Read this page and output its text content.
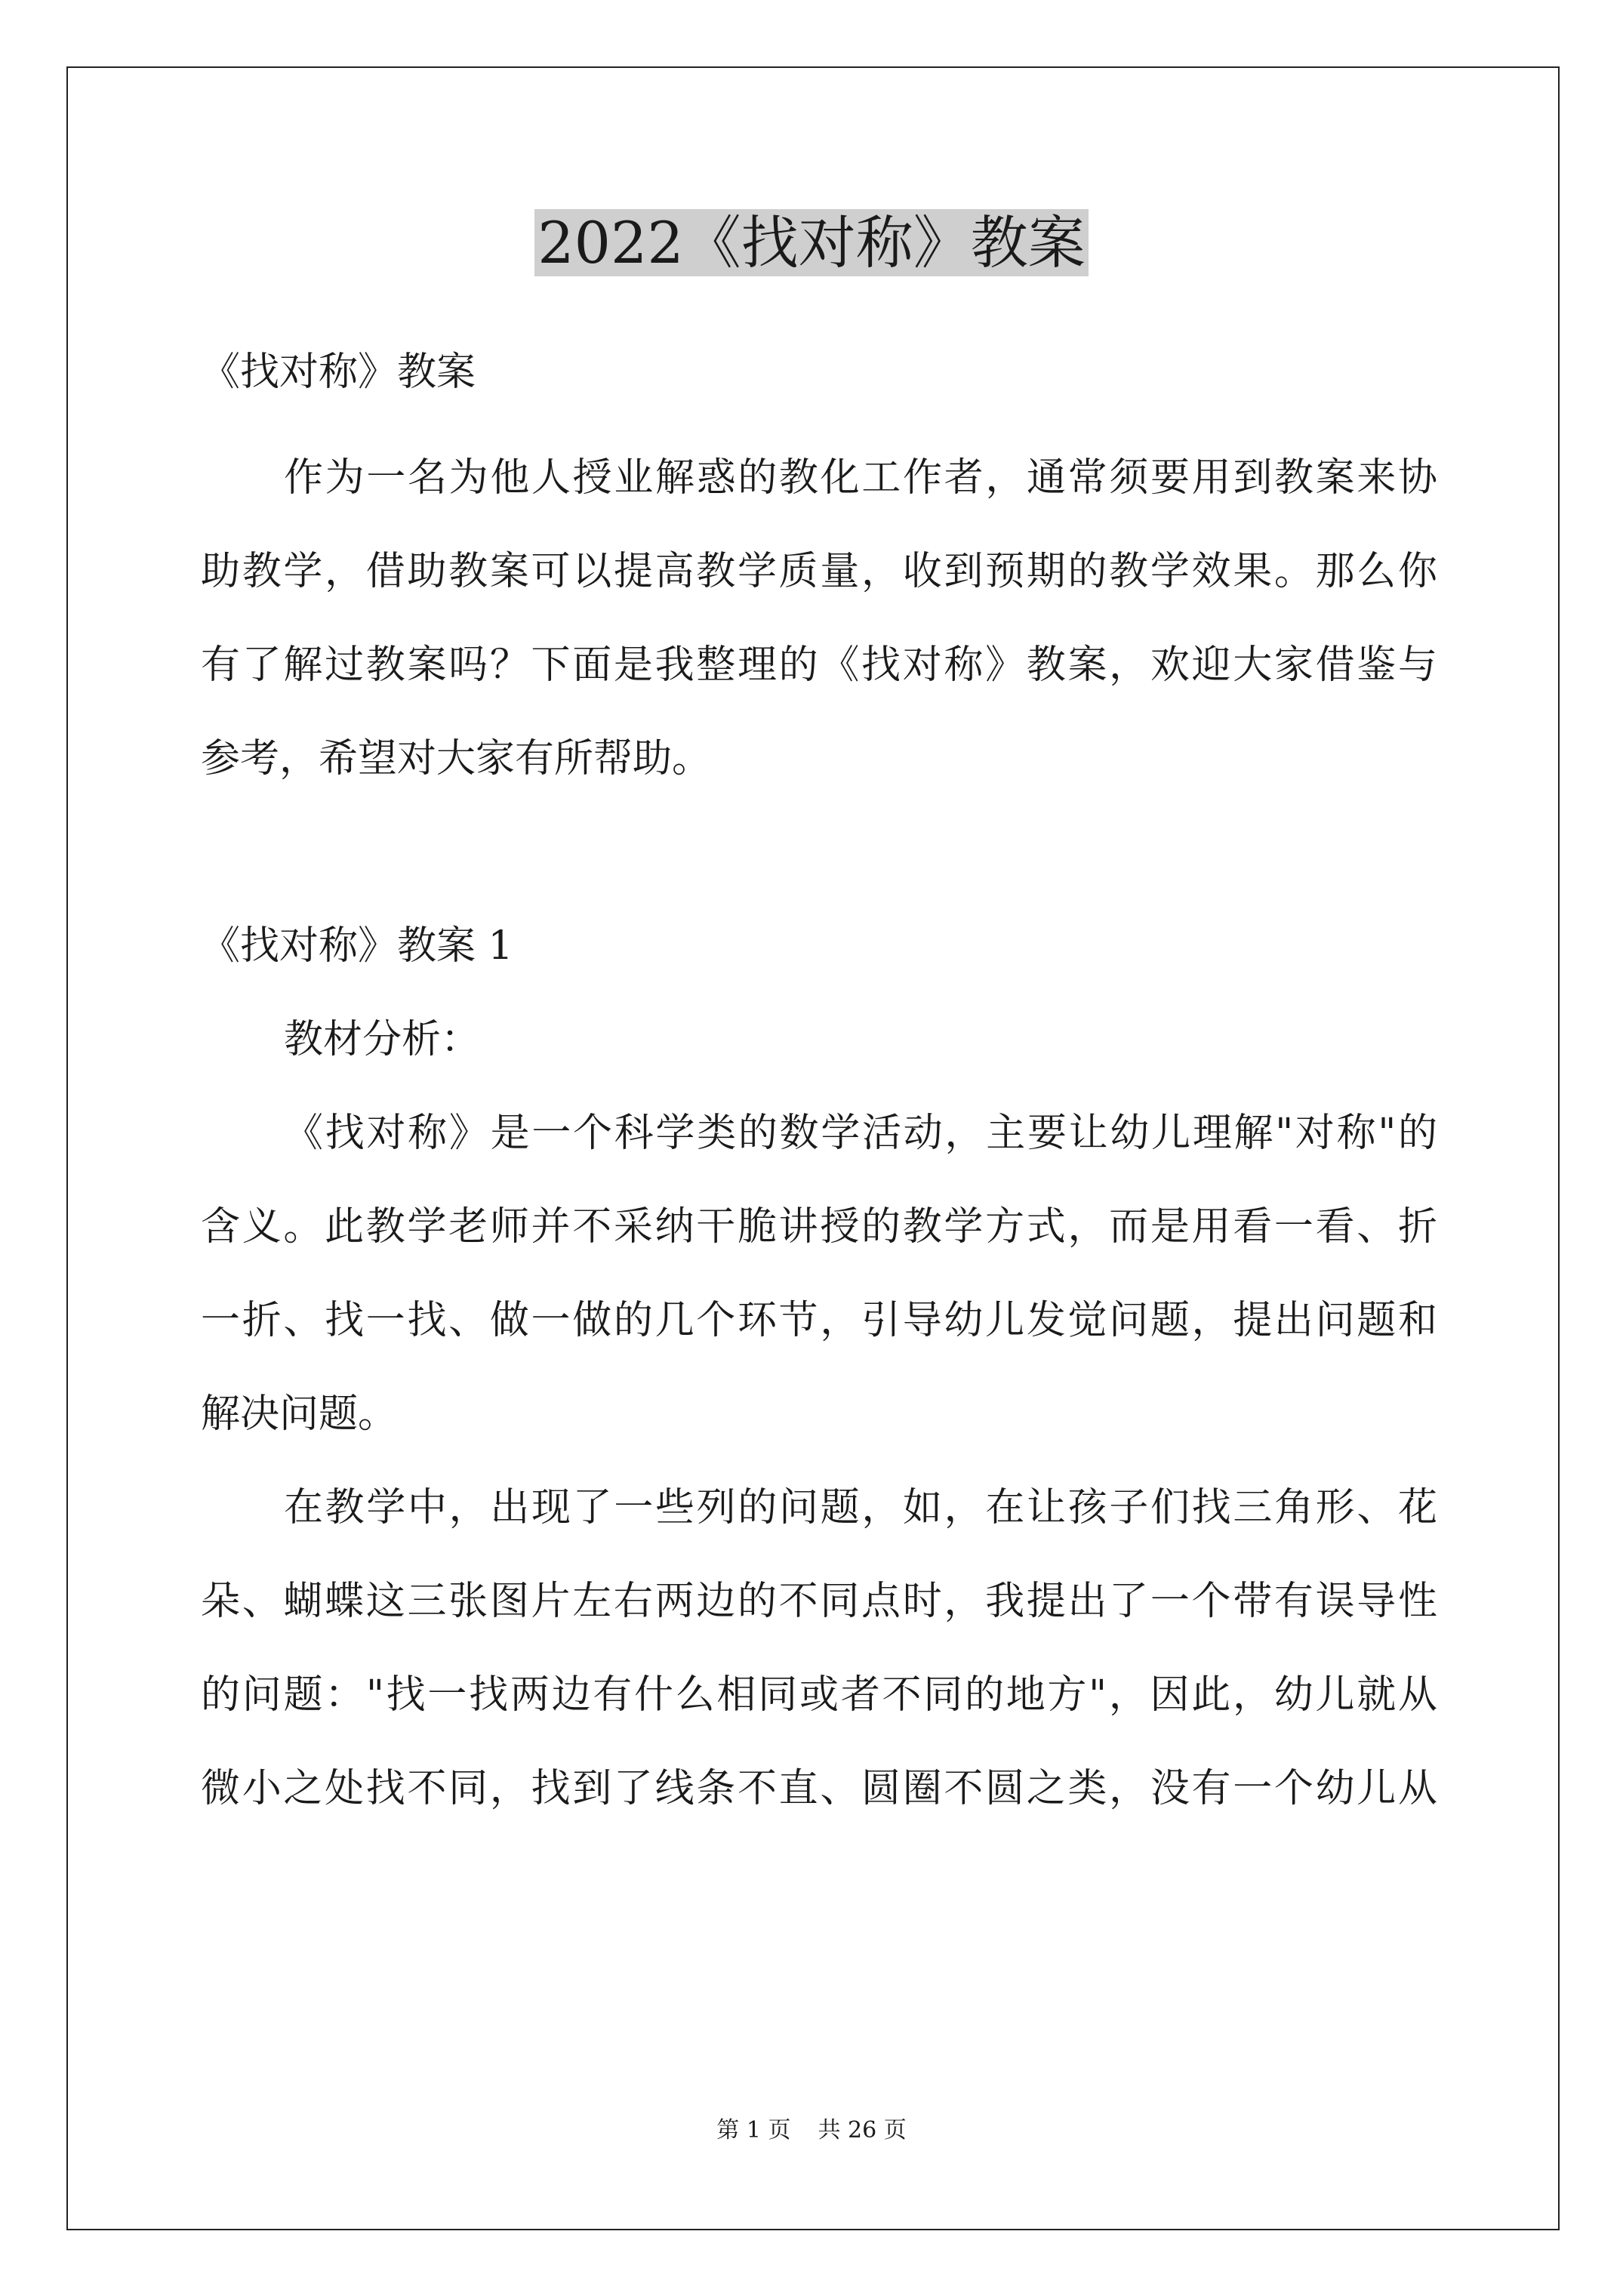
2022《找对称》教案
《找对称》教案
作为一名为他人授业解惑的教化工作者，通常须要用到教案来协
助教学，借助教案可以提高教学质量，收到预期的教学效果。那么你
有了解过教案吗？下面是我整理的《找对称》教案，欢迎大家借鉴与
参考，希望对大家有所帮助。
《找对称》教案 1
教材分析：
《找对称》是一个科学类的数学活动，主要让幼儿理解"对称"的
含义。此教学老师并不采纳干脆讲授的教学方式，而是用看一看、折
一折、找一找、做一做的几个环节，引导幼儿发觉问题，提出问题和
解决问题。
在教学中，出现了一些列的问题，如，在让孩子们找三角形、花
朵、蝴蝶这三张图片左右两边的不同点时，我提出了一个带有误导性
的问题："找一找两边有什么相同或者不同的地方"，因此，幼儿就从
微小之处找不同，找到了线条不直、圆圈不圆之类，没有一个幼儿从
第 1 页 共 26 页
